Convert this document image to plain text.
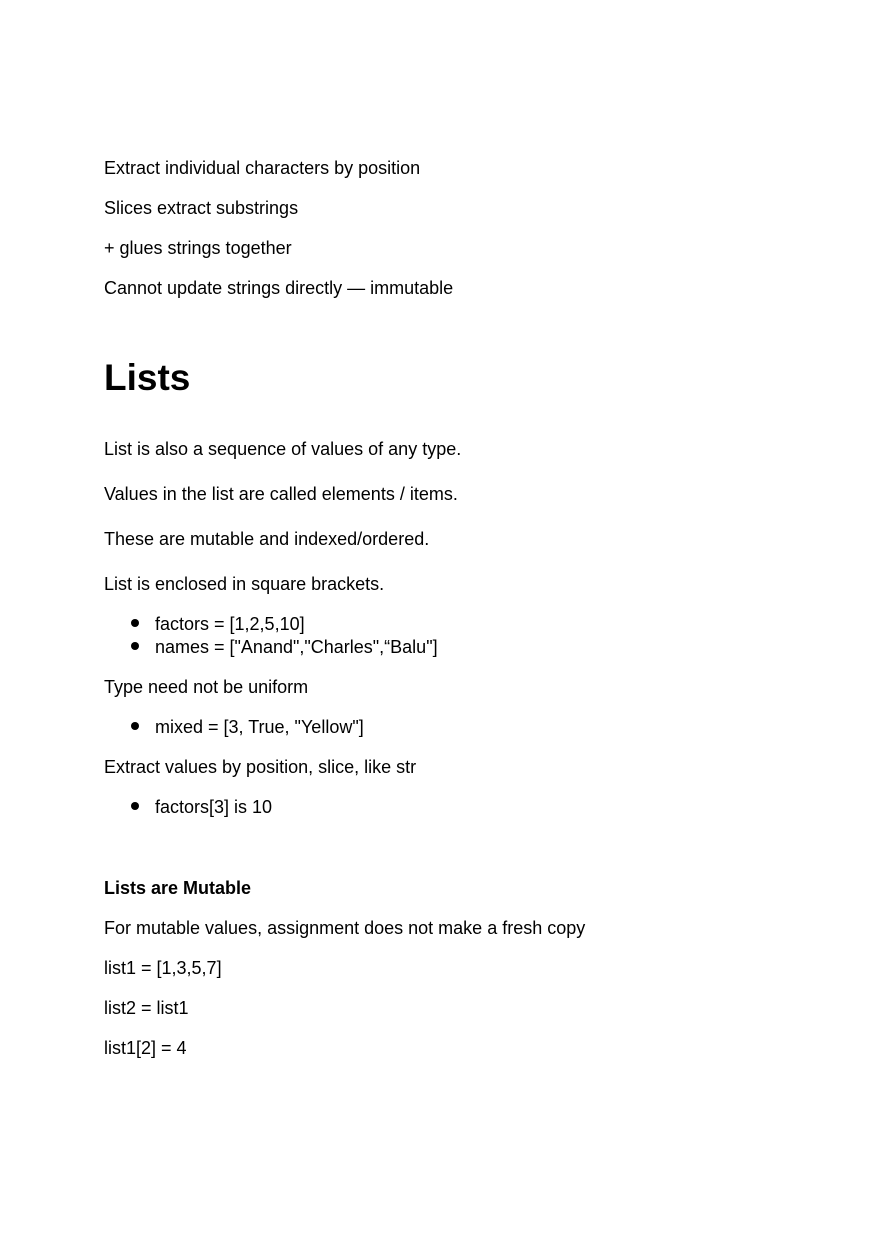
Extract individual characters by position
Slices extract substrings
+ glues strings together
Cannot update strings directly — immutable
Lists
List is also a sequence of values of any type.
Values in the list are called elements / items.
These are mutable and indexed/ordered.
List is enclosed in square brackets.
factors = [1,2,5,10]
names = ["Anand","Charles",“Balu"]
Type need not be uniform
mixed = [3, True, "Yellow"]
Extract values by position, slice, like str
factors[3] is 10
Lists are Mutable
For mutable values, assignment does not make a fresh copy
list1 = [1,3,5,7]
list2 = list1
list1[2] = 4
